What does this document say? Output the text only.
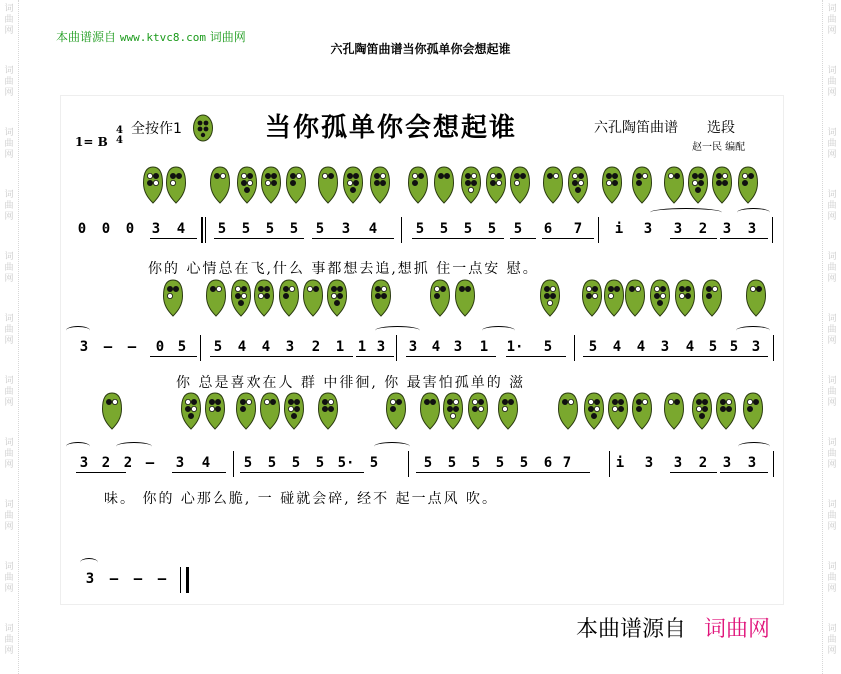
词
曲
网
词
曲
网
词
曲
网
词
曲
网
词
曲
网
词
曲
网
词
曲
网
词
曲
网
词
曲
网
词
曲
网
词
曲
网
词
曲
网
词
曲
网
词
曲
网
词
曲
网
词
曲
网
词
曲
网
词
曲
网
词
曲
网
词
曲
网
词
曲
网
词
曲
网
本曲谱源自 www.ktvc8.com 词曲网
六孔陶笛曲谱当你孤单你会想起谁
全按作1	当你孤单你会想起谁	六孔陶笛曲谱 选段
1= B
4
4
赵一民 编配
0	0	0	3	4	5	5	5	5	5	3	4	5	5	5	5	5	6	7	i	3	3	2	3	3
3	–	–	0 5	5	4	4	3	2	1 1 3	3	4 3	1	1·	5	5	4	4	3	4	5 5 3
3 2 2 –	3	4	5	5	5	5 5·	5	5	5	5	5	5	6 7	i	3	3	2	3	3
3	–	–	–
你的 心情总在飞,什么 事都想去追,想抓 住一点安 慰。
你 总是喜欢在人 群 中徘徊, 你 最害怕孤单的 滋
味。 你的 心那么脆, 一 碰就会碎, 经不 起一点风 吹。
本曲谱源自 词曲网
